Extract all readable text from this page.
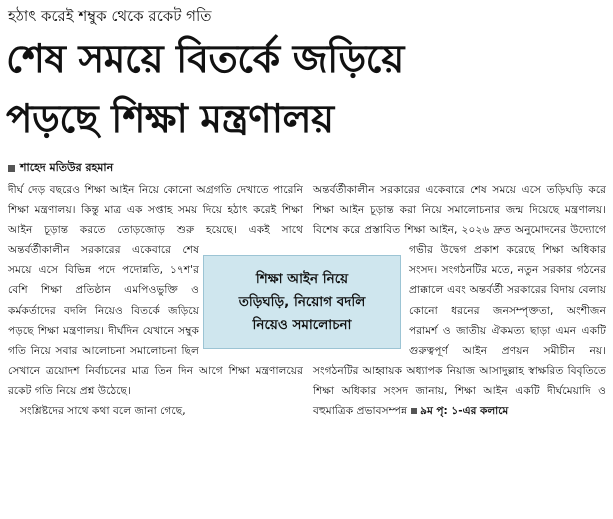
হঠাৎ করেই শম্বুক থেকে রকেট গতি
শেষ সময়ে বিতর্কে জড়িয়ে
পড়ছে শিক্ষা মন্ত্রণালয়
শাহেদ মতিউর রহমান

দীর্ঘ দেড় বছরেও শিক্ষা আইন নিয়ে কোনো অগ্রগতি দেখাতে পারেনি শিক্ষা মন্ত্রণালয়। কিন্তু মাত্র এক সপ্তাহ সময় দিয়ে হঠাৎ করেই শিক্ষা আইন চূড়ান্ত করতে তোড়জোড় শুরু হয়েছে। একই সাথে অন্তর্বর্তীকালীন সরকারের একেবারে শেষ সময়ে এসে বিভিন্ন পদে পদোন্নতি, ১৭শ'র বেশি শিক্ষা প্রতিষ্ঠান এমপিওভুক্তি ও কর্মকর্তাদের বদলি নিয়েও বিতর্কে জড়িয়ে পড়ছে শিক্ষা মন্ত্রণালয়। দীর্ঘদিন যেখানে সম্বুক গতি নিয়ে সবার আলোচনা সমালোচনা ছিল সেখানে ত্রয়োদশ নির্বাচনের মাত্র তিন দিন আগে শিক্ষা মন্ত্রণালয়ের রকেট গতি নিয়ে প্রশ্ন উঠেছে।

সংশ্লিষ্টদের সাথে কথা বলে জানা গেছে,

অন্তর্বর্তীকালীন সরকারের একেবারে শেষ সময়ে এসে তড়িঘড়ি করে শিক্ষা আইন চূড়ান্ত করা নিয়ে সমালোচনার জন্ম দিয়েছে মন্ত্রণালয়। বিশেষ করে প্রস্তাবিত শিক্ষা আইন, ২০২৬ দ্রুত অনুমোদনের উদ্যোগে গভীর উদ্বেগ প্রকাশ করেছে শিক্ষা অধিকার সংসদ। সংগঠনটির মতে, নতুন সরকার গঠনের প্রাক্কালে এবং অন্তর্বর্তী সরকারের বিদায় বেলায় কোনো ধরনের জনসম্পৃক্ততা, অংশীজন পরামর্শ ও জাতীয় ঐকমত্য ছাড়া এমন একটি গুরুত্বপূর্ণ আইন প্রণয়ন সমীচীন নয়। সংগঠনটির আহ্বায়ক অধ্যাপক নিয়াজ আসাদুল্লাহ স্বাক্ষরিত বিবৃতিতে শিক্ষা অধিকার সংসদ জানায়, শিক্ষা আইন একটি দীর্ঘমেয়াদি ও বহুমাত্রিক প্রভাবসম্পন্ন ৯ম পৃ: ১-এর কলামে

শিক্ষা আইন নিয়ে
তড়িঘড়ি, নিয়োগ বদলি
নিয়েও সমালোচনা
